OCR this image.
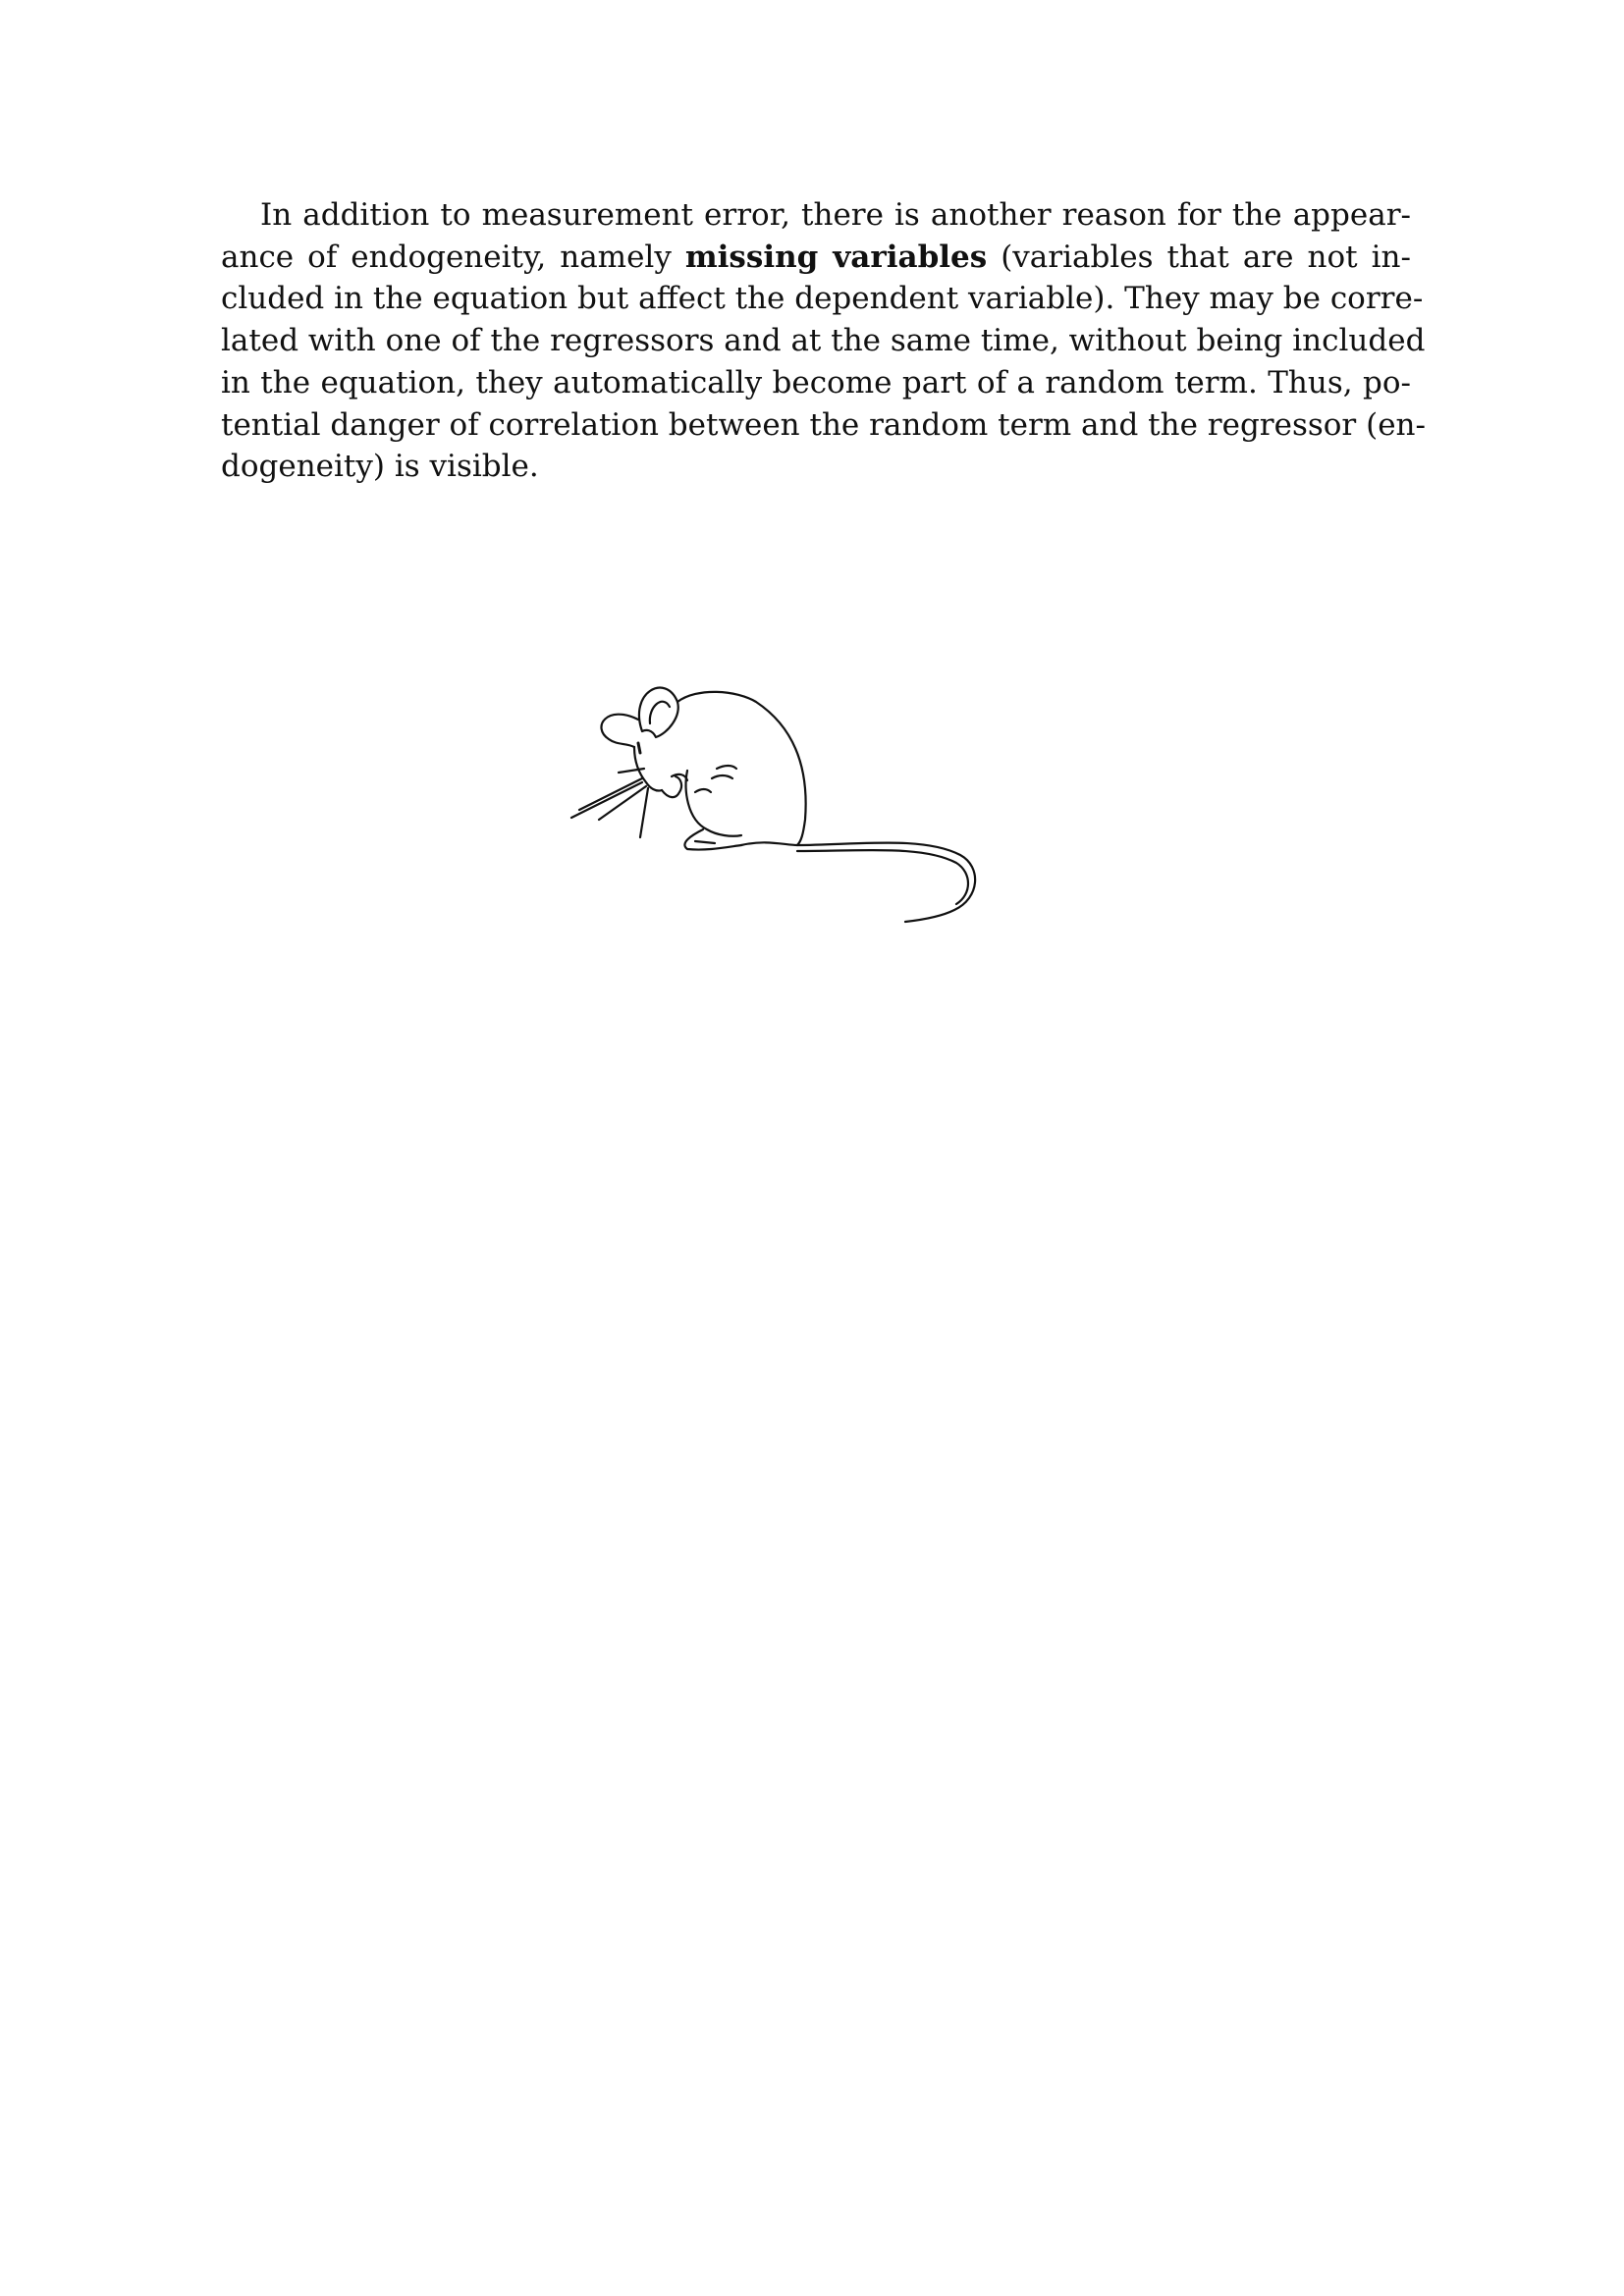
In addition to measurement error, there is another reason for the appear-
ance of endogeneity, namely missing variables (variables that are not in-
cluded in the equation but affect the dependent variable). They may be corre-
lated with one of the regressors and at the same time, without being included
in the equation, they automatically become part of a random term. Thus, po-
tential danger of correlation between the random term and the regressor (en-
dogeneity) is visible.
